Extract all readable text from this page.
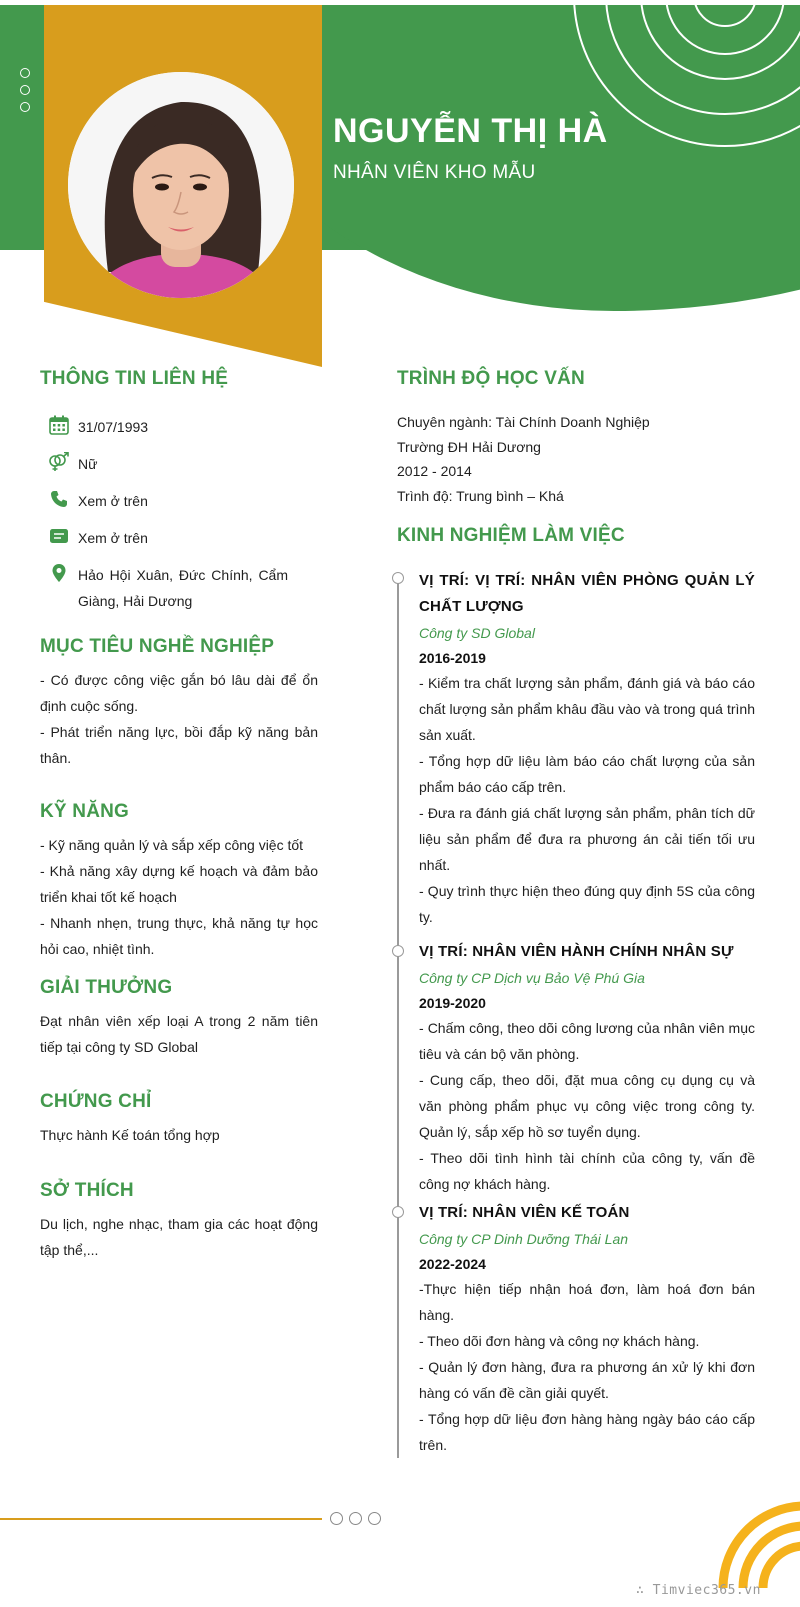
NGUYỄN THỊ HÀ
NHÂN VIÊN KHO MẪU
THÔNG TIN LIÊN HỆ
31/07/1993
Nữ
Xem ở trên
Xem ở trên
Hảo Hội Xuân, Đức Chính, Cẩm Giàng, Hải Dương
MỤC TIÊU NGHỀ NGHIỆP
- Có được công việc gắn bó lâu dài để ổn định cuộc sống.
- Phát triển năng lực, bồi đắp kỹ năng bản thân.
KỸ NĂNG
- Kỹ năng quản lý và sắp xếp công việc tốt
- Khả năng xây dựng kế hoạch và đảm bảo triển khai tốt kế hoạch
- Nhanh nhẹn, trung thực, khả năng tự học hỏi cao, nhiệt tình.
GIẢI THƯỞNG
Đạt nhân viên xếp loại A trong 2 năm tiên tiếp tại công ty SD Global
CHỨNG CHỈ
Thực hành Kế toán tổng hợp
SỞ THÍCH
Du lịch, nghe nhạc, tham gia các hoạt động tập thể,...
TRÌNH ĐỘ HỌC VẤN
Chuyên ngành: Tài Chính Doanh Nghiệp
Trường ĐH Hải Dương
2012 - 2014
Trình độ: Trung bình – Khá
KINH NGHIỆM LÀM VIỆC
VỊ TRÍ: VỊ TRÍ: NHÂN VIÊN PHÒNG QUẢN LÝ CHẤT LƯỢNG
Công ty SD Global
2016-2019
- Kiểm tra chất lượng sản phẩm, đánh giá và báo cáo chất lượng sản phẩm khâu đầu vào và trong quá trình sản xuất.
- Tổng hợp dữ liệu làm báo cáo chất lượng của sản phẩm báo cáo cấp trên.
- Đưa ra đánh giá chất lượng sản phẩm, phân tích dữ liệu sản phẩm để đưa ra phương án cải tiến tối ưu nhất.
- Quy trình thực hiện theo đúng quy định 5S của công ty.
VỊ TRÍ: NHÂN VIÊN HÀNH CHÍNH NHÂN SỰ
Công ty CP Dịch vụ Bảo Vệ Phú Gia
2019-2020
- Chấm công, theo dõi công lương của nhân viên mục tiêu và cán bộ văn phòng.
- Cung cấp, theo dõi, đặt mua công cụ dụng cụ và văn phòng phẩm phục vụ công việc trong công ty. Quản lý, sắp xếp hồ sơ tuyển dụng.
- Theo dõi tình hình tài chính của công ty, vấn đề công nợ khách hàng.
VỊ TRÍ: NHÂN VIÊN KẾ TOÁN
Công ty CP Dinh Dưỡng Thái Lan
2022-2024
-Thực hiện tiếp nhận hoá đơn, làm hoá đơn bán hàng.
- Theo dõi đơn hàng và công nợ khách hàng.
- Quản lý đơn hàng, đưa ra phương án xử lý khi đơn hàng có vấn đề cần giải quyết.
- Tổng hợp dữ liệu đơn hàng hàng ngày báo cáo cấp trên.
∴ Timviec365.vn
